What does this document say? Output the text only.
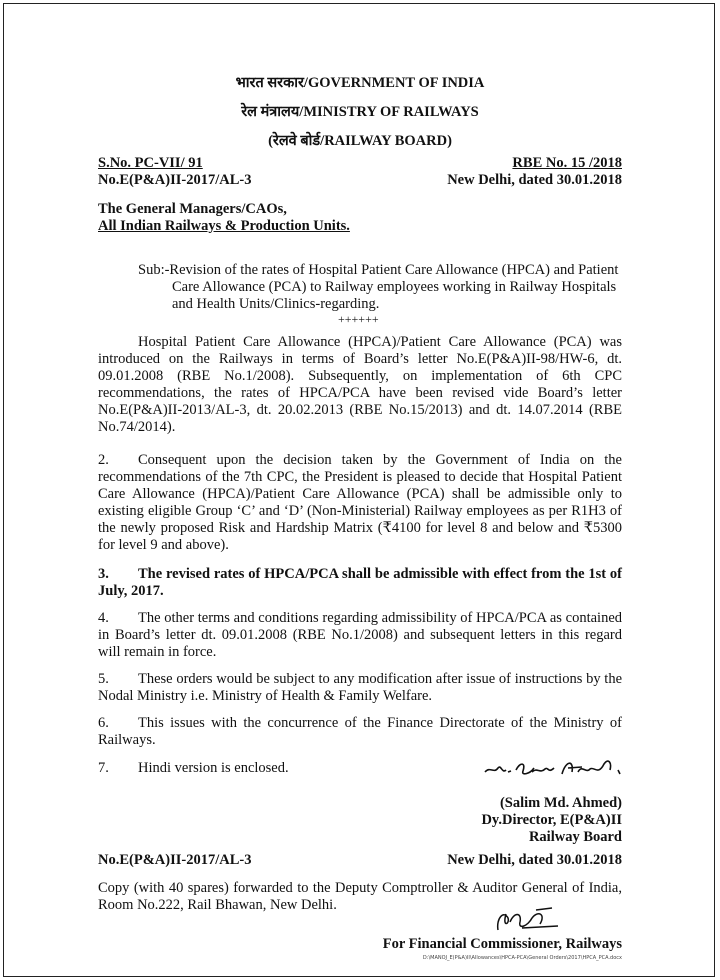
भारत सरकार/GOVERNMENT OF INDIA
रेल मंत्रालय/MINISTRY OF RAILWAYS
(रेलवे बोर्ड/RAILWAY BOARD)
S.No. PC-VII/ 91
No.E(P&A)II-2017/AL-3
RBE No. 15 /2018
New Delhi, dated 30.01.2018
The General Managers/CAOs,
All Indian Railways & Production Units.
Sub:-Revision of the rates of Hospital Patient Care Allowance (HPCA) and Patient
Care Allowance (PCA) to Railway employees working in Railway Hospitals
and Health Units/Clinics-regarding.
++++++
Hospital Patient Care Allowance (HPCA)/Patient Care Allowance (PCA) was introduced on the Railways in terms of Board’s letter No.E(P&A)II-98/HW-6, dt. 09.01.2008 (RBE No.1/2008). Subsequently, on implementation of 6th CPC recommendations, the rates of HPCA/PCA have been revised vide Board’s letter No.E(P&A)II-2013/AL-3, dt. 20.02.2013 (RBE No.15/2013) and dt. 14.07.2014 (RBE No.74/2014).
2.	Consequent upon the decision taken by the Government of India on the recommendations of the 7th CPC, the President is pleased to decide that Hospital Patient Care Allowance (HPCA)/Patient Care Allowance (PCA) shall be admissible only to existing eligible Group ‘C’ and ‘D’ (Non-Ministerial) Railway employees as per R1H3 of the newly proposed Risk and Hardship Matrix (₹4100 for level 8 and below and ₹5300 for level 9 and above).
3.	The revised rates of HPCA/PCA shall be admissible with effect from the 1st of July, 2017.
4.	The other terms and conditions regarding admissibility of HPCA/PCA as contained in Board’s letter dt. 09.01.2008 (RBE No.1/2008) and subsequent letters in this regard will remain in force.
5.	These orders would be subject to any modification after issue of instructions by the Nodal Ministry i.e. Ministry of Health & Family Welfare.
6.	This issues with the concurrence of the Finance Directorate of the Ministry of Railways.
7. Hindi version is enclosed.
(Salim Md. Ahmed)
Dy.Director, E(P&A)II
Railway Board
No.E(P&A)II-2017/AL-3	New Delhi, dated 30.01.2018
Copy (with 40 spares) forwarded to the Deputy Comptroller & Auditor General of India, Room No.222, Rail Bhawan, New Delhi.
For Financial Commissioner, Railways
D:\MANOJ_E(P&A)II\Allowances\HPCA-PCA\General Orders\2017\HPCA_PCA.docx
